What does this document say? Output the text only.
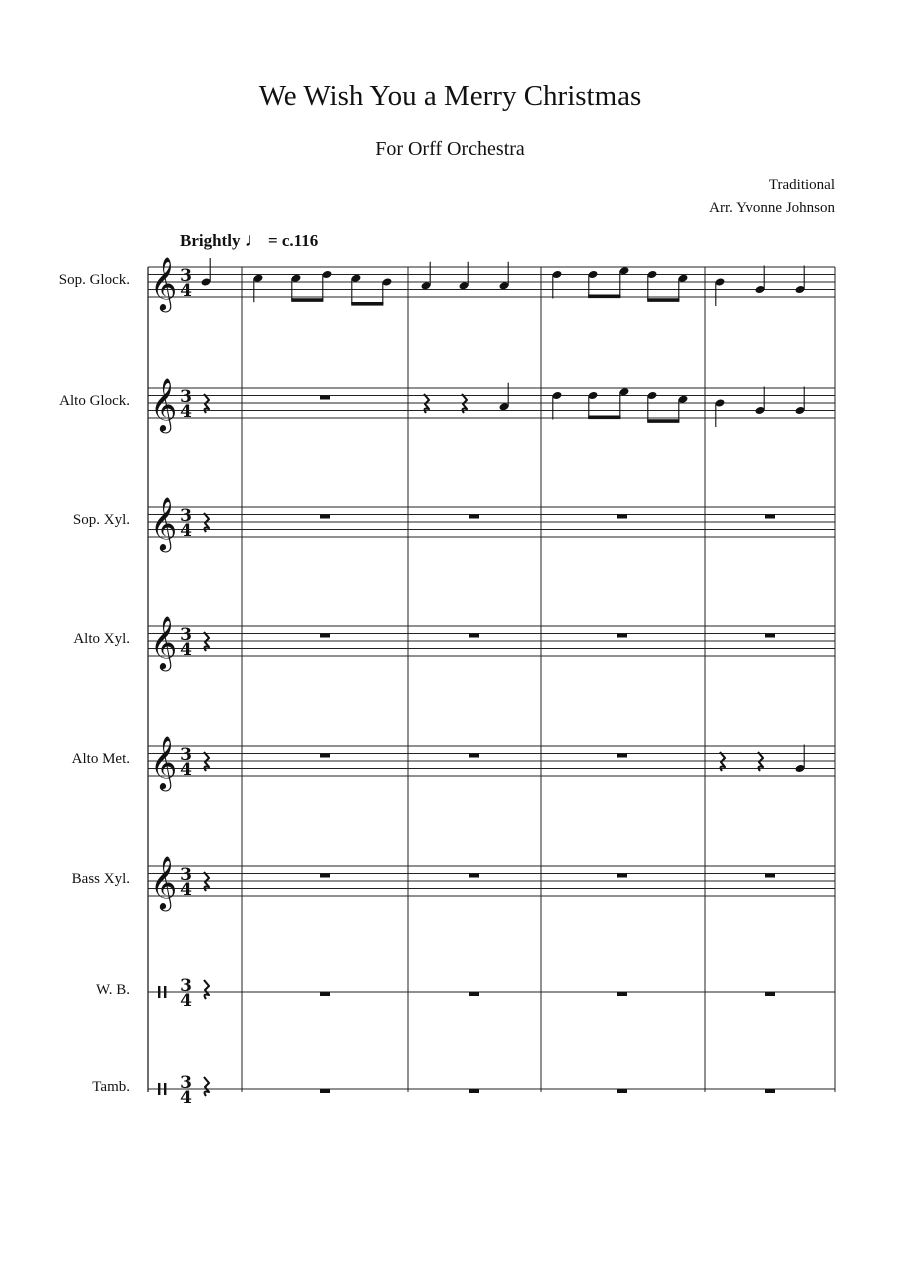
We Wish You a Merry Christmas
For Orff Orchestra
Traditional
Arr. Yvonne Johnson
Brightly ♩ = c.116
Sop. Glock.
Alto Glock.
Sop. Xyl.
Alto Xyl.
Alto Met.
Bass Xyl.
W. B.
Tamb.
𝄞 3
4
𝄞 3
4
𝄞 3
4
𝄞 3
4
𝄞 3
4
𝄞 3
4
3
4
3
4
